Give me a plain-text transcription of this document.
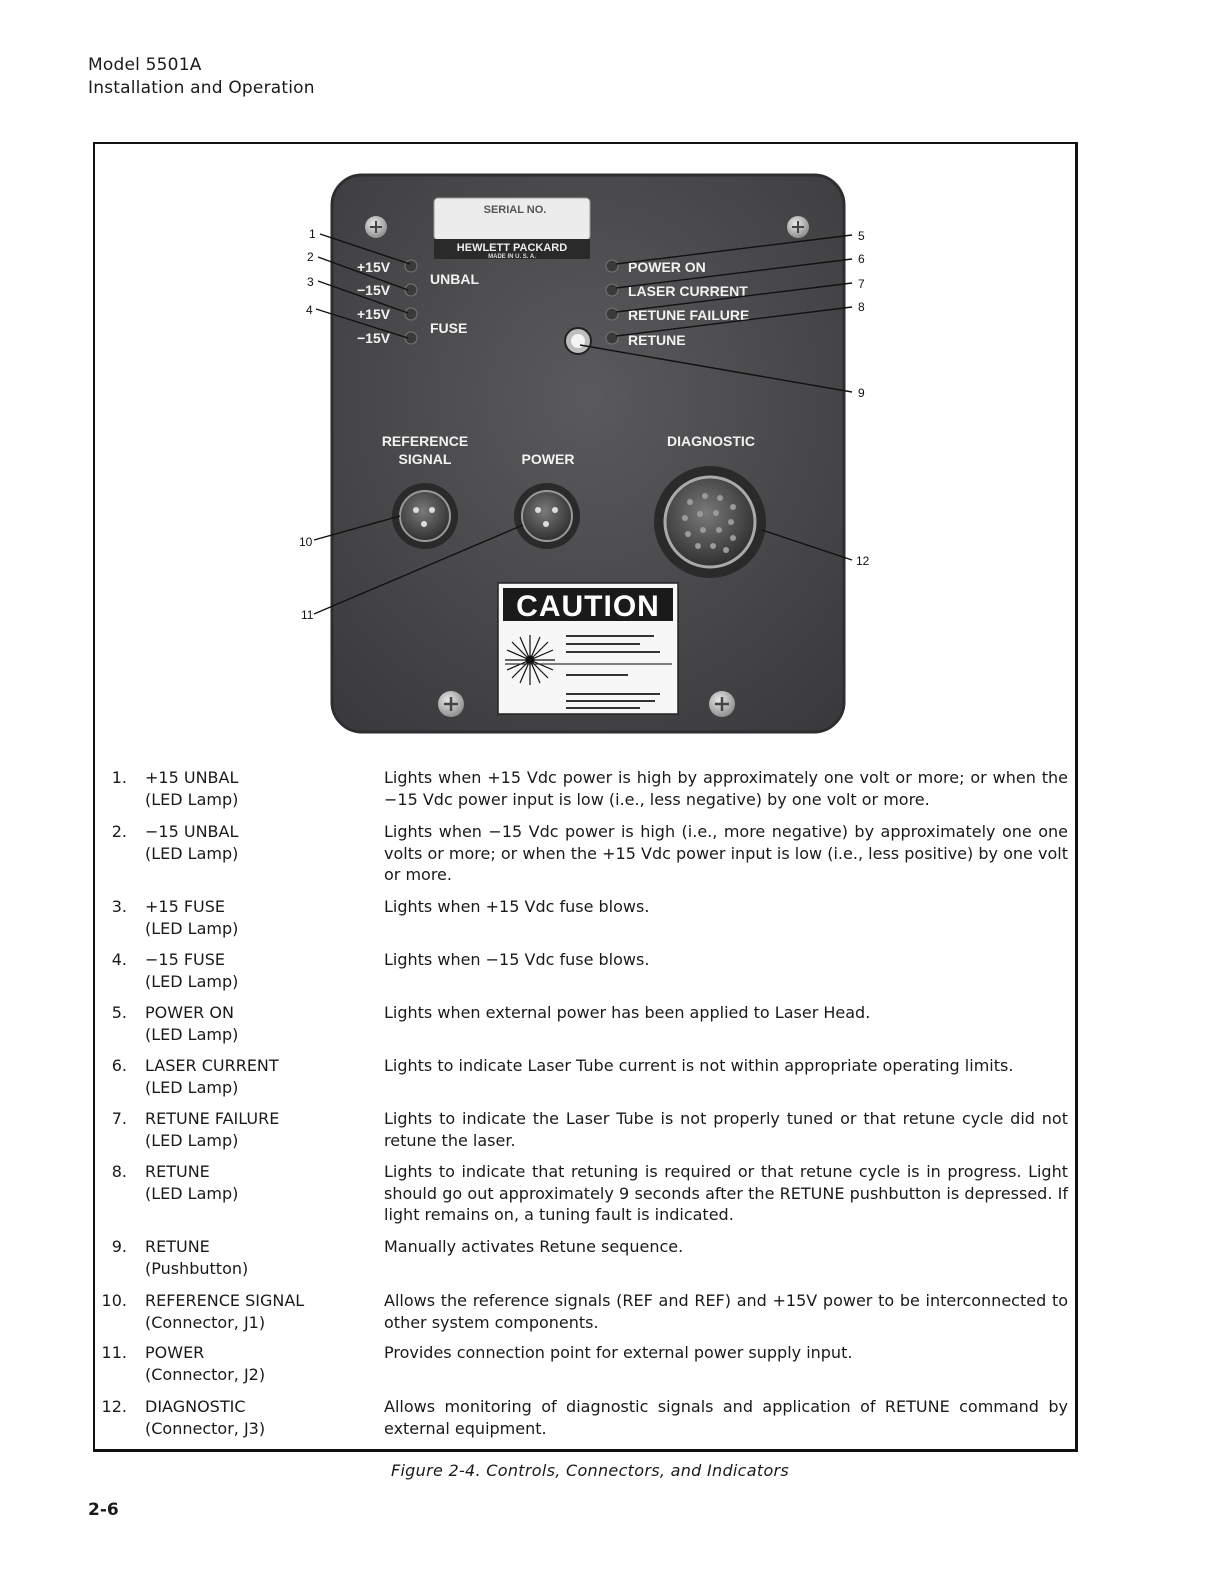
Model 5501A
Installation and Operation
SERIAL NO.
HEWLETT PACKARD
MADE IN U. S. A.
+15V
−15V
+15V
−15V
UNBAL
FUSE
POWER ON
LASER CURRENT
RETUNE FAILURE
RETUNE
REFERENCE
SIGNAL	POWER
DIAGNOSTIC
CAUTION
1
2
3
4
5
6
7
8
9
10
11
12
1. +15 UNBAL
(LED Lamp)
Lights when +15 Vdc power is high by approximately one volt or more; or when the −15 Vdc power input is low (i.e., less negative) by one volt or more.
2. −15 UNBAL
(LED Lamp)
Lights when −15 Vdc power is high (i.e., more negative) by approximately one one volts or more; or when the +15 Vdc power input is low (i.e., less positive) by one volt or more.
3. +15 FUSE
(LED Lamp)
Lights when +15 Vdc fuse blows.
4. −15 FUSE
(LED Lamp)
Lights when −15 Vdc fuse blows.
5. POWER ON
(LED Lamp)
Lights when external power has been applied to Laser Head.
6. LASER CURRENT
(LED Lamp)
Lights to indicate Laser Tube current is not within appropriate operating limits.
7. RETUNE FAILURE
(LED Lamp)
Lights to indicate the Laser Tube is not properly tuned or that retune cycle did not retune the laser.
8. RETUNE
(LED Lamp)
Lights to indicate that retuning is required or that retune cycle is in progress. Light should go out approximately 9 seconds after the RETUNE pushbutton is depressed. If light remains on, a tuning fault is indicated.
9. RETUNE
(Pushbutton)
Manually activates Retune sequence.
10. REFERENCE SIGNAL
(Connector, J1)
Allows the reference signals (REF and REF) and +15V power to be interconnected to other system components.
11. POWER
(Connector, J2)
Provides connection point for external power supply input.
12. DIAGNOSTIC
(Connector, J3)
Allows monitoring of diagnostic signals and application of RETUNE command by external equipment.
Figure 2-4. Controls, Connectors, and Indicators
2-6
